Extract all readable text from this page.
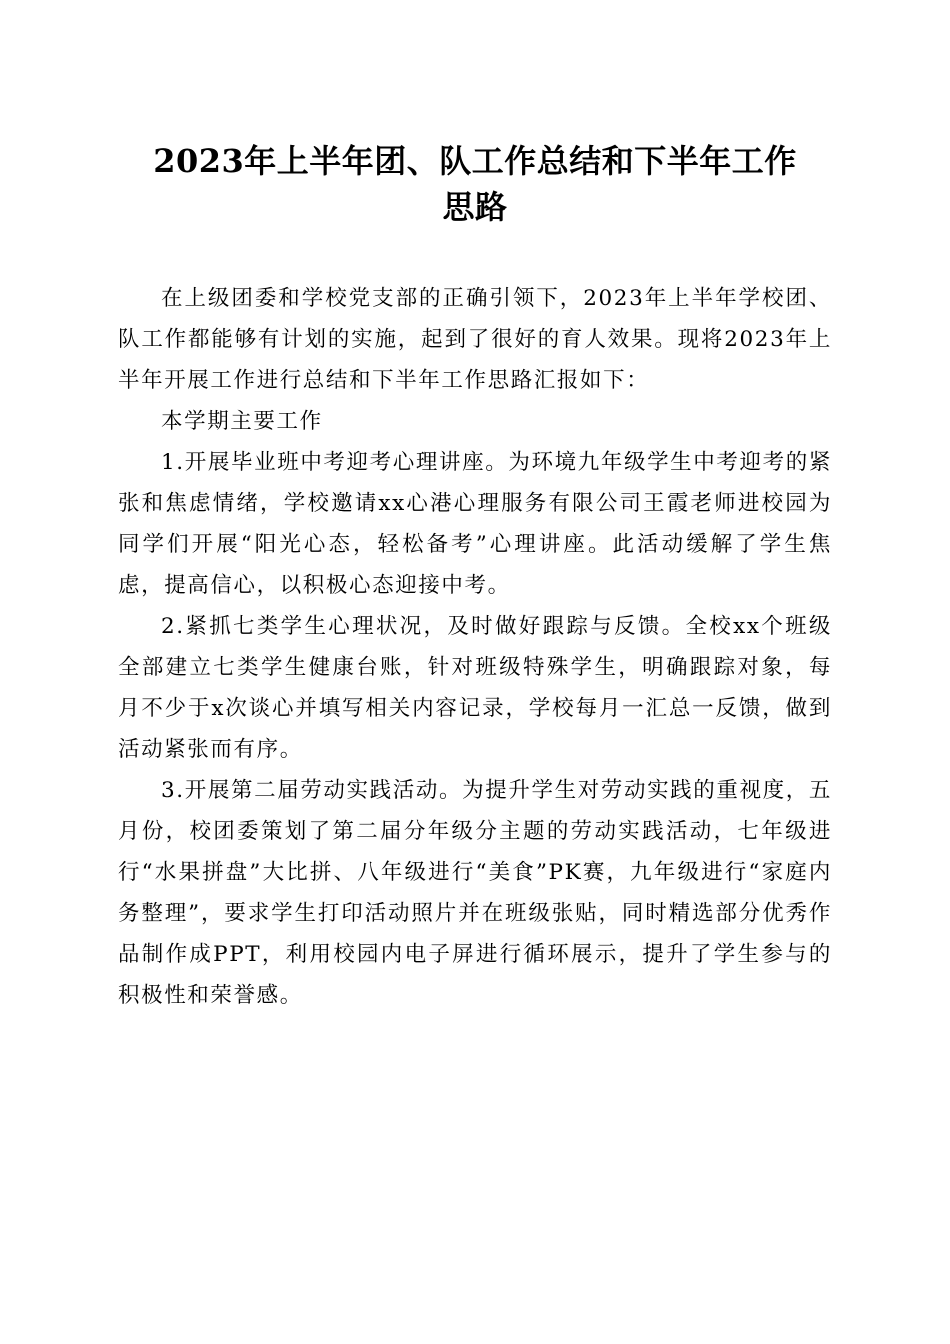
2023年上半年团、队工作总结和下半年工作
思路

在上级团委和学校党支部的正确引领下，2023年上半年学校团、队工作都能够有计划的实施，起到了很好的育人效果。现将2023年上半年开展工作进行总结和下半年工作思路汇报如下：

本学期主要工作

1.开展毕业班中考迎考心理讲座。为环境九年级学生中考迎考的紧张和焦虑情绪，学校邀请xx心港心理服务有限公司王霞老师进校园为同学们开展“阳光心态，轻松备考”心理讲座。此活动缓解了学生焦虑，提高信心，以积极心态迎接中考。

2.紧抓七类学生心理状况，及时做好跟踪与反馈。全校xx个班级全部建立七类学生健康台账，针对班级特殊学生，明确跟踪对象，每月不少于x次谈心并填写相关内容记录，学校每月一汇总一反馈，做到活动紧张而有序。

3.开展第二届劳动实践活动。为提升学生对劳动实践的重视度，五月份，校团委策划了第二届分年级分主题的劳动实践活动，七年级进行“水果拼盘”大比拼、八年级进行“美食”PK赛，九年级进行“家庭内务整理”，要求学生打印活动照片并在班级张贴，同时精选部分优秀作品制作成PPT，利用校园内电子屏进行循环展示，提升了学生参与的积极性和荣誉感。
